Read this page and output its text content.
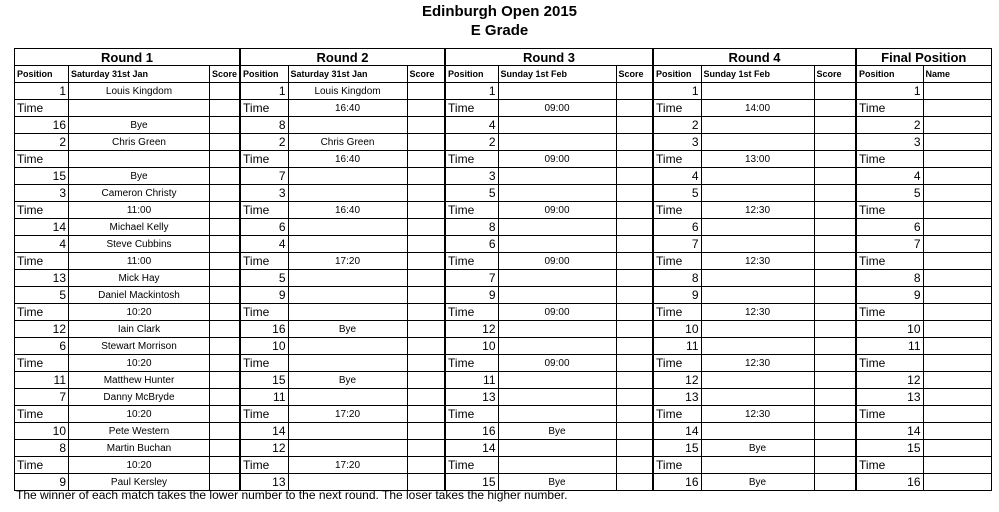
Edinburgh Open 2015
E Grade
Round 1			Round 2			Round 3			Round 4			Final Position	
Position	Saturday 31st Jan	Score	Position	Saturday 31st Jan	Score	Position	Sunday 1st Feb	Score	Position	Sunday 1st Feb	Score	Position	Name
1	Louis Kingdom		1	Louis Kingdom		1			1			1	
Time			Time	16:40		Time	09:00		Time	14:00		Time	
16	Bye		8			4			2			2	
2	Chris Green		2	Chris Green		2			3			3	
Time			Time	16:40		Time	09:00		Time	13:00		Time	
15	Bye		7			3			4			4	
3	Cameron Christy		3			5			5			5	
Time	11:00		Time	16:40		Time	09:00		Time	12:30		Time	
14	Michael Kelly		6			8			6			6	
4	Steve Cubbins		4			6			7			7	
Time	11:00		Time	17:20		Time	09:00		Time	12:30		Time	
13	Mick Hay		5			7			8			8	
5	Daniel Mackintosh		9			9			9			9	
Time	10:20		Time			Time	09:00		Time	12:30		Time	
12	Iain Clark		16	Bye		12			10			10	
6	Stewart Morrison		10			10			11			11	
Time	10:20		Time			Time	09:00		Time	12:30		Time	
11	Matthew Hunter		15	Bye		11			12			12	
7	Danny McBryde		11			13			13			13	
Time	10:20		Time	17:20		Time			Time	12:30		Time	
10	Pete Western		14			16	Bye		14			14	
8	Martin Buchan		12			14			15	Bye		15	
Time	10:20		Time	17:20		Time			Time			Time	
9	Paul Kersley		13			15	Bye		16	Bye		16	
The winner of each match takes the lower number to the next round. The loser takes the higher number.
